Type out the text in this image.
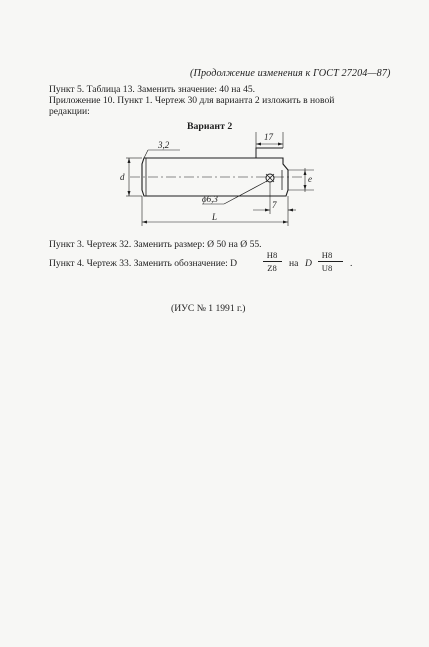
(Продолжение изменения к ГОСТ 27204—87)
Пункт 5. Таблица 13. Заменить значение: 40 на 45.
Приложение 10. Пункт 1. Чертеж 30 для варианта 2 изложить в новой
редакции:
Вариант 2
3,2
17
d	e
ϕ6,3
7
L
Пункт 3. Чертеж 32. Заменить размер: Ø 50 на Ø 55.
Пункт 4. Чертеж 33. Заменить обозначение: D
H8
Z8	на D
H8
U8	.
(ИУС № 1 1991 г.)
